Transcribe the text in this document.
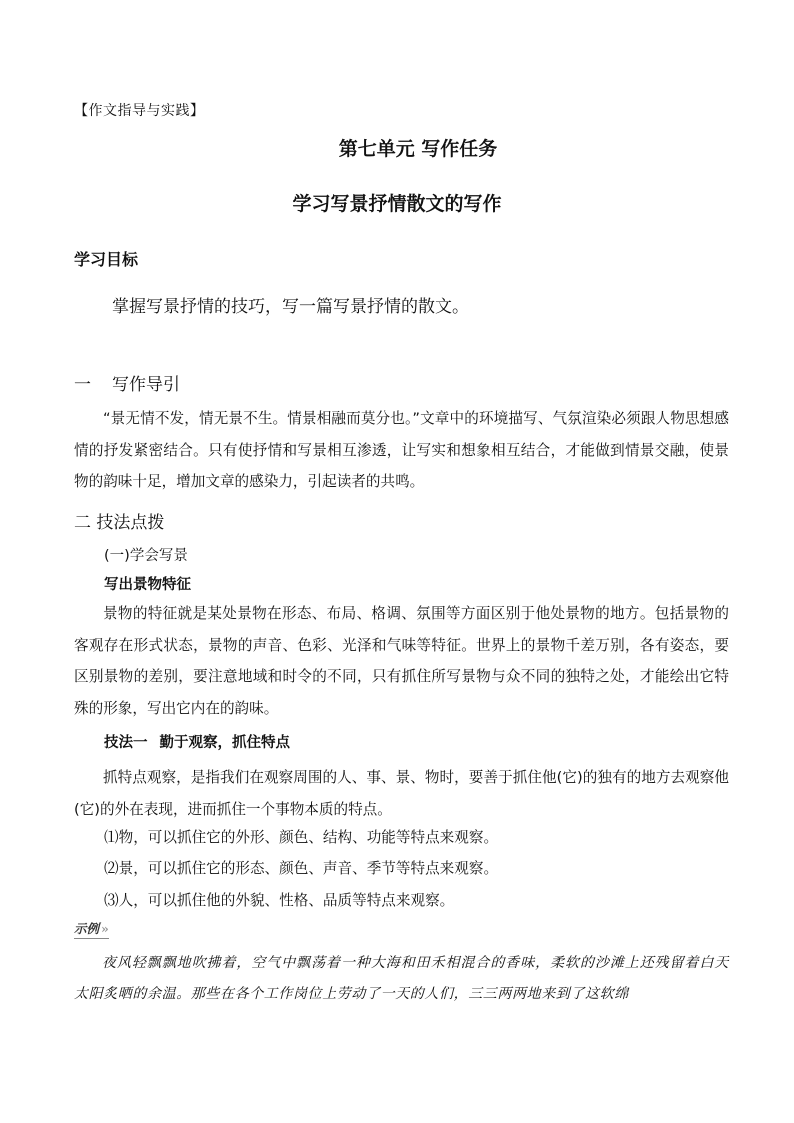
【作文指导与实践】
第七单元 写作任务
学习写景抒情散文的写作
学习目标
掌握写景抒情的技巧，写一篇写景抒情的散文。
一 写作导引

“景无情不发，情无景不生。情景相融而莫分也。”文章中的环境描写、气氛渲染必须跟人物思想感情的抒发紧密结合。只有使抒情和写景相互渗透，让写实和想象相互结合，才能做到情景交融，使景物的韵味十足，增加文章的感染力，引起读者的共鸣。

二 技法点拨
(一)学会写景
写出景物特征

景物的特征就是某处景物在形态、布局、格调、氛围等方面区别于他处景物的地方。包括景物的客观存在形式状态，景物的声音、色彩、光泽和气味等特征。世界上的景物千差万别，各有姿态，要区别景物的差别，要注意地域和时令的不同，只有抓住所写景物与众不同的独特之处，才能绘出它特殊的形象，写出它内在的韵味。

技法一 勤于观察，抓住特点

抓特点观察，是指我们在观察周围的人、事、景、物时，要善于抓住他(它)的独有的地方去观察他(它)的外在表现，进而抓住一个事物本质的特点。

⑴物，可以抓住它的外形、颜色、结构、功能等特点来观察。
⑵景，可以抓住它的形态、颜色、声音、季节等特点来观察。
⑶人，可以抓住他的外貌、性格、品质等特点来观察。
示例 »

夜风轻飘飘地吹拂着，空气中飘荡着一种大海和田禾相混合的香味，柔软的沙滩上还残留着白天太阳炙晒的余温。那些在各个工作岗位上劳动了一天的人们，三三两两地来到了这软绵
